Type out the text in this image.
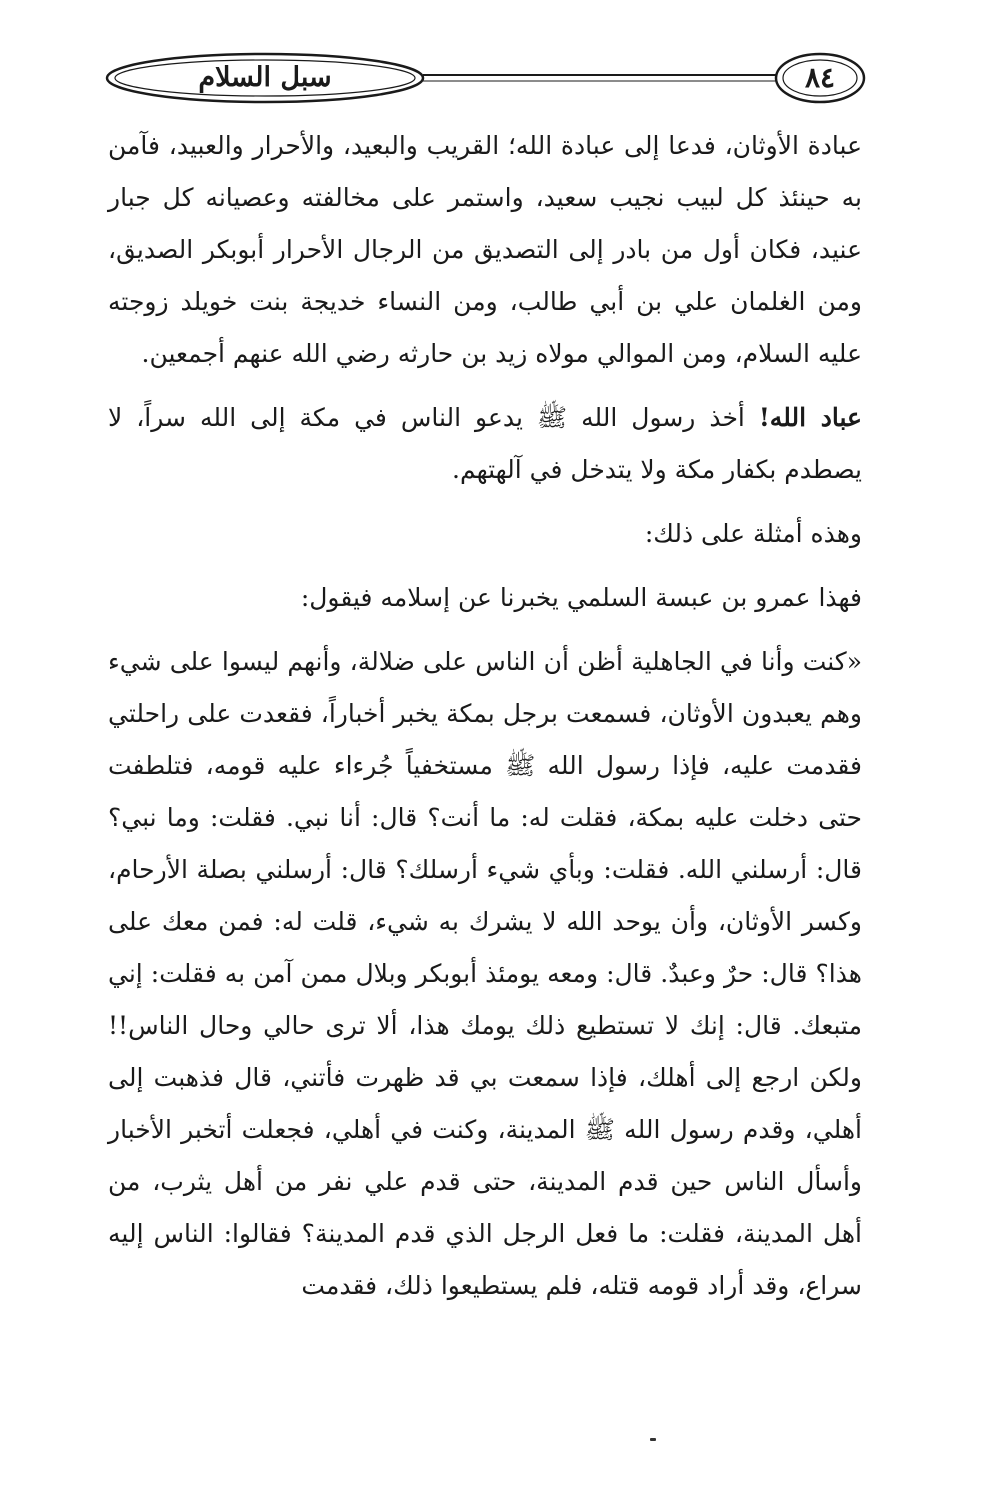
سبل السلام	٨٤

عبادة الأوثان، فدعا إلى عبادة الله؛ القريب والبعيد، والأحرار والعبيد، فآمن به حينئذ كل لبيب نجيب سعيد، واستمر على مخالفته وعصيانه كل جبار عنيد، فكان أول من بادر إلى التصديق من الرجال الأحرار أبوبكر الصديق، ومن الغلمان علي بن أبي طالب، ومن النساء خديجة بنت خويلد زوجته عليه السلام، ومن الموالي مولاه زيد بن حارثه رضي الله عنهم أجمعين.

عباد الله! أخذ رسول الله ﷺ يدعو الناس في مكة إلى الله سراً، لا يصطدم بكفار مكة ولا يتدخل في آلهتهم.

وهذه أمثلة على ذلك:

فهذا عمرو بن عبسة السلمي يخبرنا عن إسلامه فيقول:

«كنت وأنا في الجاهلية أظن أن الناس على ضلالة، وأنهم ليسوا على شيء وهم يعبدون الأوثان، فسمعت برجل بمكة يخبر أخباراً، فقعدت على راحلتي فقدمت عليه، فإذا رسول الله ﷺ مستخفياً جُرءاء عليه قومه، فتلطفت حتى دخلت عليه بمكة، فقلت له: ما أنت؟ قال: أنا نبي. فقلت: وما نبي؟ قال: أرسلني الله. فقلت: وبأي شيء أرسلك؟ قال: أرسلني بصلة الأرحام، وكسر الأوثان، وأن يوحد الله لا يشرك به شيء، قلت له: فمن معك على هذا؟ قال: حرٌ وعبدٌ. قال: ومعه يومئذ أبوبكر وبلال ممن آمن به فقلت: إني متبعك. قال: إنك لا تستطيع ذلك يومك هذا، ألا ترى حالي وحال الناس!! ولكن ارجع إلى أهلك، فإذا سمعت بي قد ظهرت فأتني، قال فذهبت إلى أهلي، وقدم رسول الله ﷺ المدينة، وكنت في أهلي، فجعلت أتخبر الأخبار وأسأل الناس حين قدم المدينة، حتى قدم علي نفر من أهل يثرب، من أهل المدينة، فقلت: ما فعل الرجل الذي قدم المدينة؟ فقالوا: الناس إليه سراع، وقد أراد قومه قتله، فلم يستطيعوا ذلك، فقدمت
